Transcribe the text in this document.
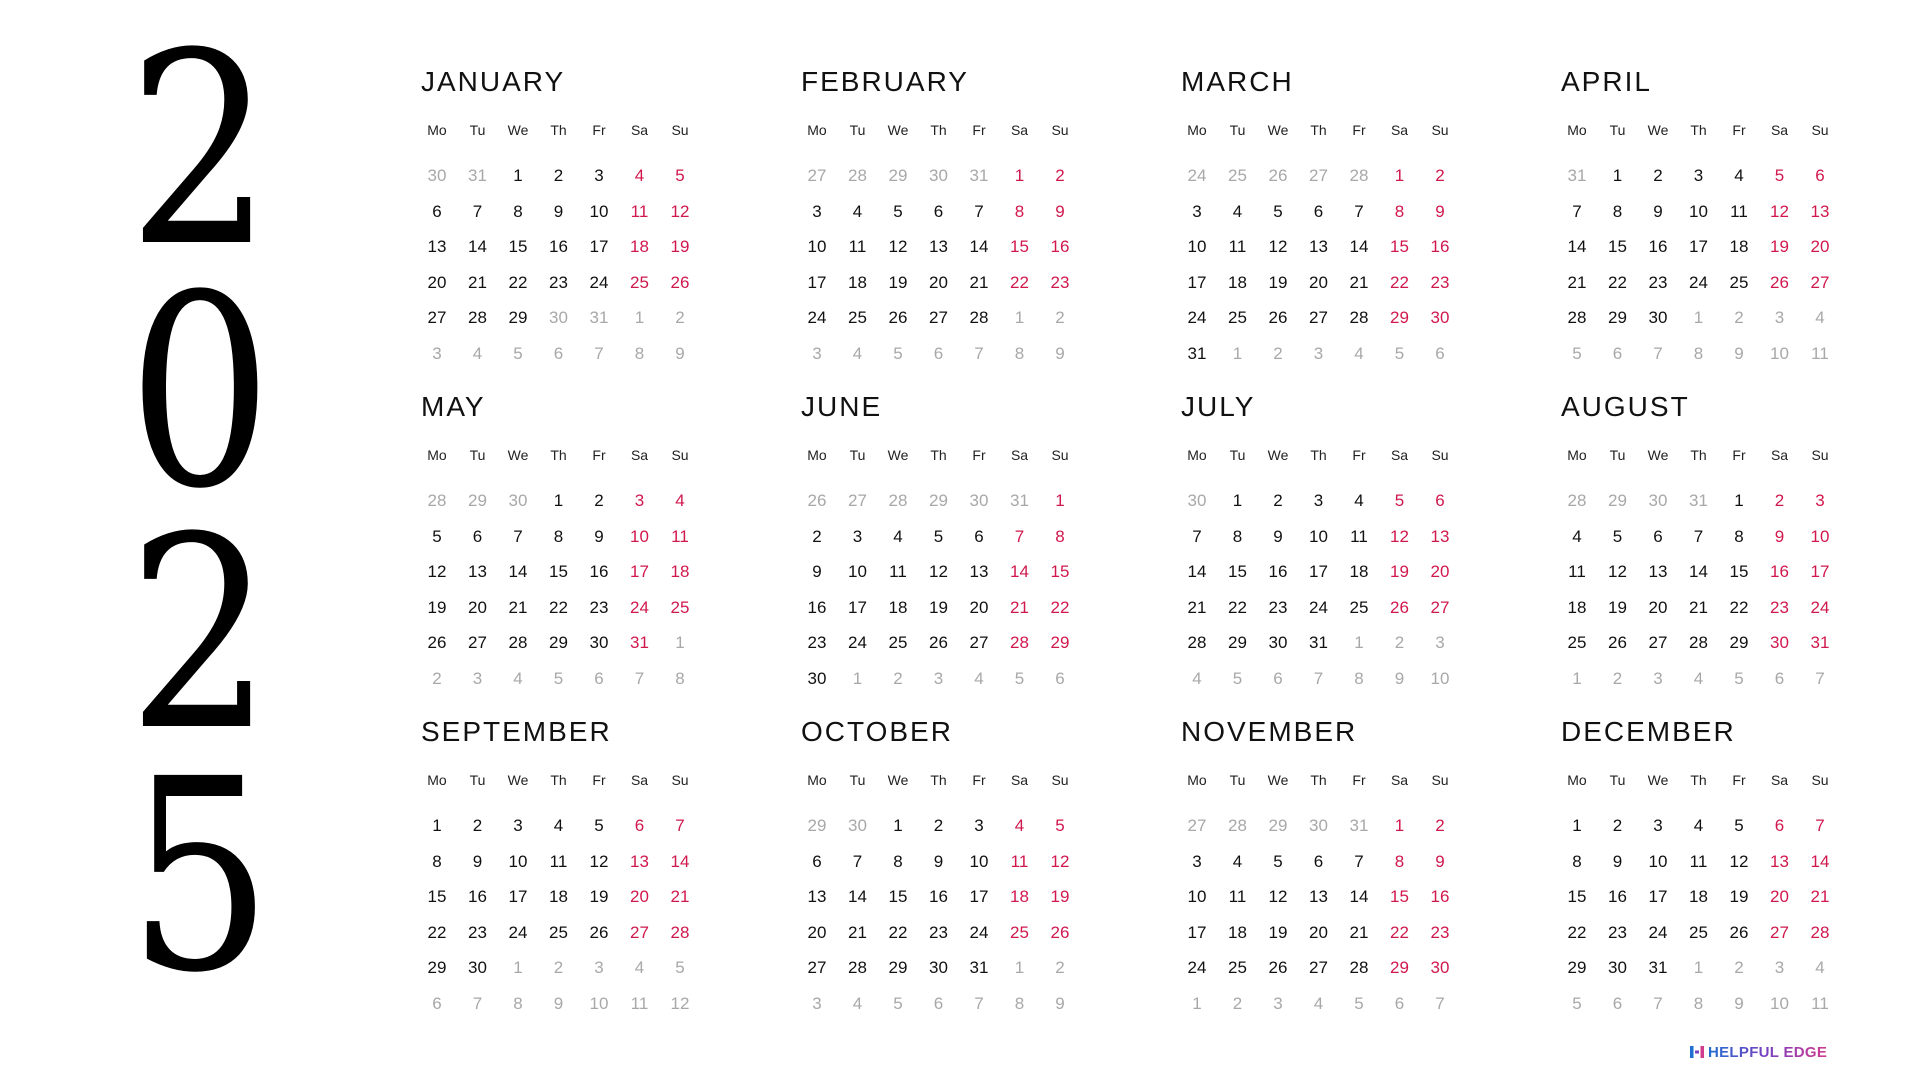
2
0
2
5
JANUARY
Mo	Tu	We	Th	Fr	Sa	Su
30	31	1	2	3	4	5
6	7	8	9	10	11	12
13	14	15	16	17	18	19
20	21	22	23	24	25	26
27	28	29	30	31	1	2
3	4	5	6	7	8	9
FEBRUARY
Mo	Tu	We	Th	Fr	Sa	Su
27	28	29	30	31	1	2
3	4	5	6	7	8	9
10	11	12	13	14	15	16
17	18	19	20	21	22	23
24	25	26	27	28	1	2
3	4	5	6	7	8	9
MARCH
Mo	Tu	We	Th	Fr	Sa	Su
24	25	26	27	28	1	2
3	4	5	6	7	8	9
10	11	12	13	14	15	16
17	18	19	20	21	22	23
24	25	26	27	28	29	30
31	1	2	3	4	5	6
APRIL
Mo	Tu	We	Th	Fr	Sa	Su
31	1	2	3	4	5	6
7	8	9	10	11	12	13
14	15	16	17	18	19	20
21	22	23	24	25	26	27
28	29	30	1	2	3	4
5	6	7	8	9	10	11
MAY
Mo	Tu	We	Th	Fr	Sa	Su
28	29	30	1	2	3	4
5	6	7	8	9	10	11
12	13	14	15	16	17	18
19	20	21	22	23	24	25
26	27	28	29	30	31	1
2	3	4	5	6	7	8
JUNE
Mo	Tu	We	Th	Fr	Sa	Su
26	27	28	29	30	31	1
2	3	4	5	6	7	8
9	10	11	12	13	14	15
16	17	18	19	20	21	22
23	24	25	26	27	28	29
30	1	2	3	4	5	6
JULY
Mo	Tu	We	Th	Fr	Sa	Su
30	1	2	3	4	5	6
7	8	9	10	11	12	13
14	15	16	17	18	19	20
21	22	23	24	25	26	27
28	29	30	31	1	2	3
4	5	6	7	8	9	10
AUGUST
Mo	Tu	We	Th	Fr	Sa	Su
28	29	30	31	1	2	3
4	5	6	7	8	9	10
11	12	13	14	15	16	17
18	19	20	21	22	23	24
25	26	27	28	29	30	31
1	2	3	4	5	6	7
SEPTEMBER
Mo	Tu	We	Th	Fr	Sa	Su
1	2	3	4	5	6	7
8	9	10	11	12	13	14
15	16	17	18	19	20	21
22	23	24	25	26	27	28
29	30	1	2	3	4	5
6	7	8	9	10	11	12
OCTOBER
Mo	Tu	We	Th	Fr	Sa	Su
29	30	1	2	3	4	5
6	7	8	9	10	11	12
13	14	15	16	17	18	19
20	21	22	23	24	25	26
27	28	29	30	31	1	2
3	4	5	6	7	8	9
NOVEMBER
Mo	Tu	We	Th	Fr	Sa	Su
27	28	29	30	31	1	2
3	4	5	6	7	8	9
10	11	12	13	14	15	16
17	18	19	20	21	22	23
24	25	26	27	28	29	30
1	2	3	4	5	6	7
DECEMBER
Mo	Tu	We	Th	Fr	Sa	Su
1	2	3	4	5	6	7
8	9	10	11	12	13	14
15	16	17	18	19	20	21
22	23	24	25	26	27	28
29	30	31	1	2	3	4
5	6	7	8	9	10	11
HELPFUL EDGE
